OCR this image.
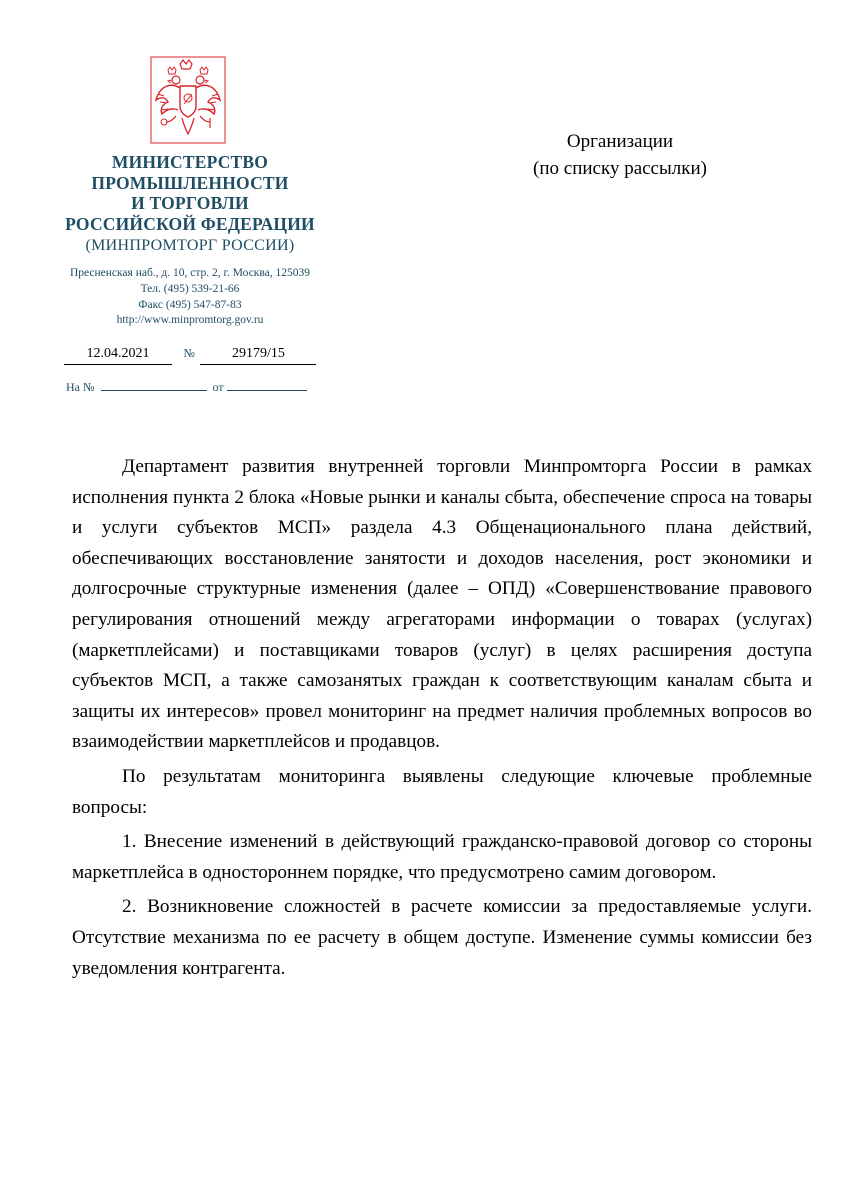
МИНИСТЕРСТВО
ПРОМЫШЛЕННОСТИ
И ТОРГОВЛИ
РОССИЙСКОЙ ФЕДЕРАЦИИ
(МИНПРОМТОРГ РОССИИ)
Пресненская наб., д. 10, стр. 2, г. Москва, 125039
Тел. (495) 539-21-66
Факс (495) 547-87-83
http://www.minpromtorg.gov.ru
12.04.2021	№	29179/15
На №	от
Организации
(по списку рассылки)

Департамент развития внутренней торговли Минпромторга России в рамках исполнения пункта 2 блока «Новые рынки и каналы сбыта, обеспечение спроса на товары и услуги субъектов МСП» раздела 4.3 Общенационального плана действий, обеспечивающих восстановление занятости и доходов населения, рост экономики и долгосрочные структурные изменения (далее – ОПД) «Совершенствование правового регулирования отношений между агрегаторами информации о товарах (услугах) (маркетплейсами) и поставщиками товаров (услуг) в целях расширения доступа субъектов МСП, а также самозанятых граждан к соответствующим каналам сбыта и защиты их интересов» провел мониторинг на предмет наличия проблемных вопросов во взаимодействии маркетплейсов и продавцов.

По результатам мониторинга выявлены следующие ключевые проблемные вопросы:

1. Внесение изменений в действующий гражданско-правовой договор со стороны маркетплейса в одностороннем порядке, что предусмотрено самим договором.

2. Возникновение сложностей в расчете комиссии за предоставляемые услуги. Отсутствие механизма по ее расчету в общем доступе. Изменение суммы комиссии без уведомления контрагента.
